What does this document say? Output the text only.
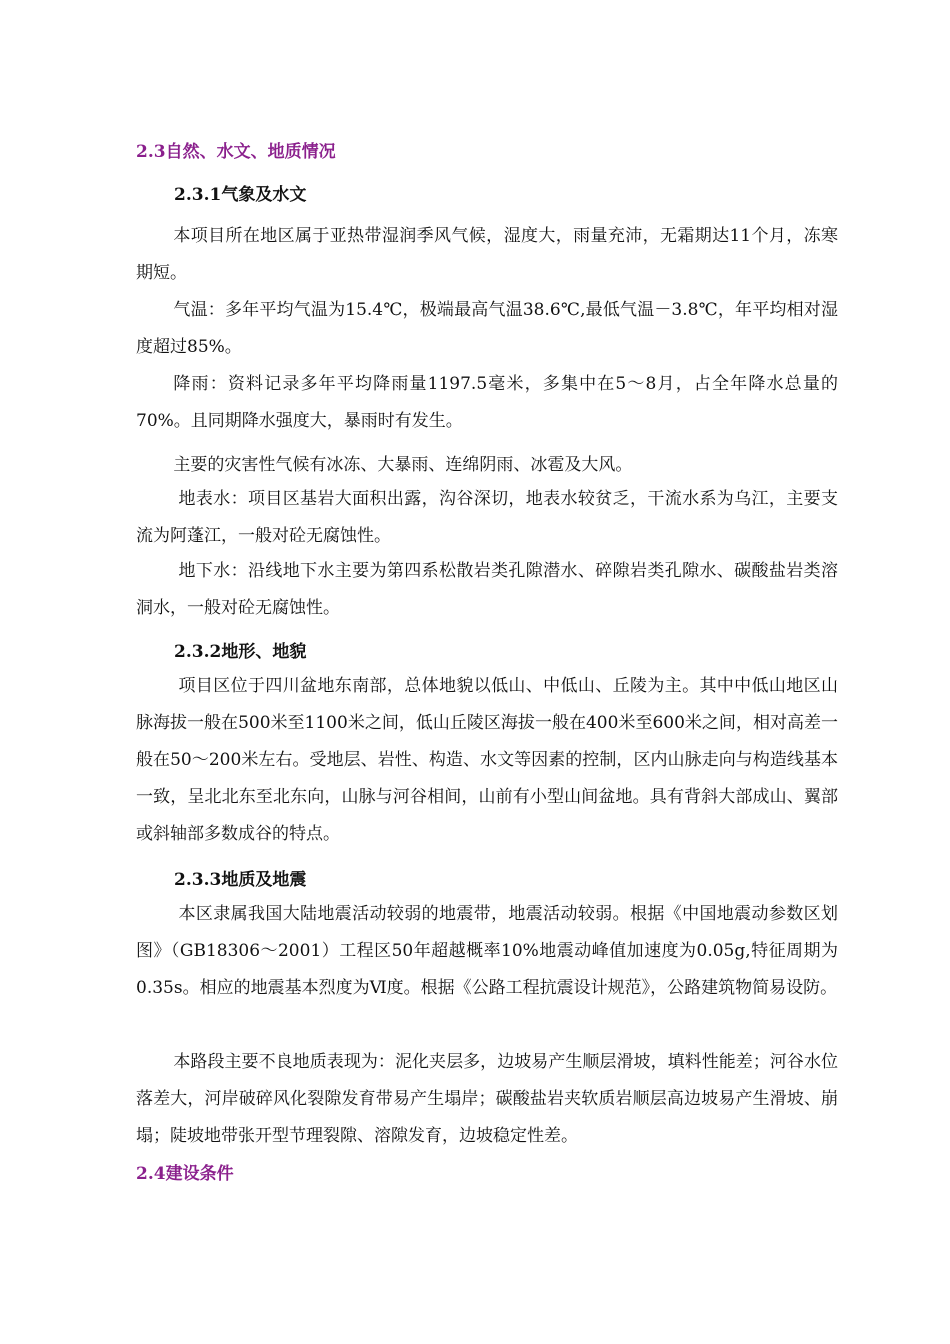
2.3自然、水文、地质情况
2.3.1气象及水文

本项目所在地区属于亚热带湿润季风气候，湿度大，雨量充沛，无霜期达11个月，冻寒期短。

气温：多年平均气温为15.4℃，极端最高气温38.6℃,最低气温－3.8℃，年平均相对湿度超过85%。

降雨：资料记录多年平均降雨量1197.5毫米，多集中在5～8月，占全年降水总量的70%。且同期降水强度大，暴雨时有发生。

主要的灾害性气候有冰冻、大暴雨、连绵阴雨、冰雹及大风。

地表水：项目区基岩大面积出露，沟谷深切，地表水较贫乏，干流水系为乌江，主要支流为阿蓬江，一般对砼无腐蚀性。

地下水：沿线地下水主要为第四系松散岩类孔隙潜水、碎隙岩类孔隙水、碳酸盐岩类溶洞水，一般对砼无腐蚀性。

2.3.2地形、地貌

项目区位于四川盆地东南部，总体地貌以低山、中低山、丘陵为主。其中中低山地区山脉海拔一般在500米至1100米之间，低山丘陵区海拔一般在400米至600米之间，相对高差一般在50～200米左右。受地层、岩性、构造、水文等因素的控制，区内山脉走向与构造线基本一致，呈北北东至北东向，山脉与河谷相间，山前有小型山间盆地。具有背斜大部成山、翼部或斜轴部多数成谷的特点。

2.3.3地质及地震

本区隶属我国大陆地震活动较弱的地震带，地震活动较弱。根据《中国地震动参数区划图》（GB18306～2001）工程区50年超越概率10%地震动峰值加速度为0.05g,特征周期为0.35s。相应的地震基本烈度为Ⅵ度。根据《公路工程抗震设计规范》，公路建筑物简易设防。

本路段主要不良地质表现为：泥化夹层多，边坡易产生顺层滑坡，填料性能差；河谷水位落差大，河岸破碎风化裂隙发育带易产生塌岸；碳酸盐岩夹软质岩顺层高边坡易产生滑坡、崩塌；陡坡地带张开型节理裂隙、溶隙发育，边坡稳定性差。

2.4建设条件
